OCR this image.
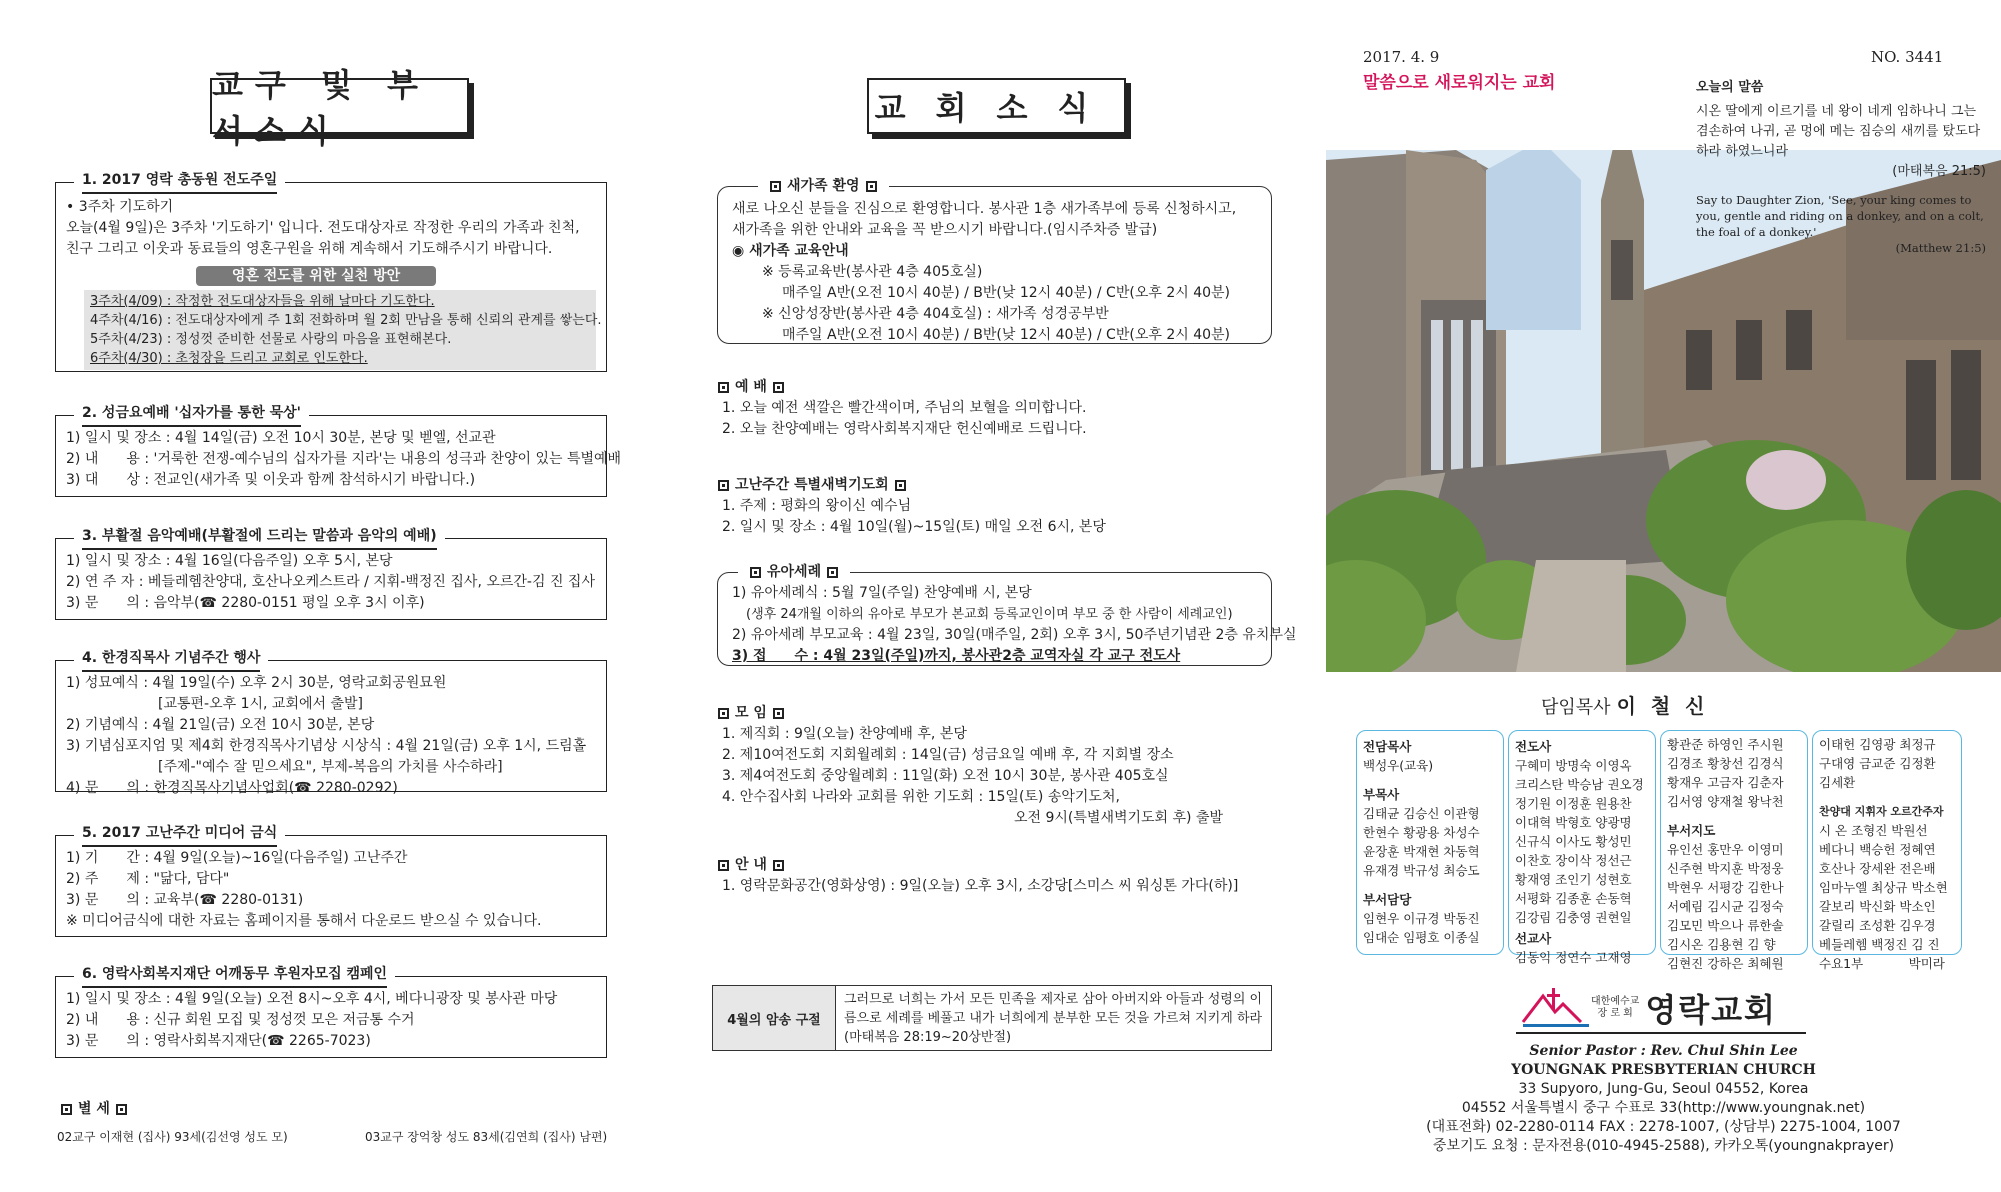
교구 및 부서소식
1. 2017 영락 총동원 전도주일
• 3주차 기도하기
오늘(4월 9일)은 3주차 '기도하기' 입니다. 전도대상자로 작정한 우리의 가족과 친척,
친구 그리고 이웃과 동료들의 영혼구원을 위해 계속해서 기도해주시기 바랍니다.
영혼 전도를 위한 실천 방안
3주차(4/09) : 작정한 전도대상자들을 위해 날마다 기도한다.
4주차(4/16) : 전도대상자에게 주 1회 전화하며 월 2회 만남을 통해 신뢰의 관계를 쌓는다.
5주차(4/23) : 정성껏 준비한 선물로 사랑의 마음을 표현해본다.
6주차(4/30) : 초청장을 드리고 교회로 인도한다.
2. 성금요예배 '십자가를 통한 묵상'
1) 일시 및 장소 : 4월 14일(금) 오전 10시 30분, 본당 및 벧엘, 선교관
2) 내　　용 : '거룩한 전쟁-예수님의 십자가를 지라'는 내용의 성극과 찬양이 있는 특별예배
3) 대　　상 : 전교인(새가족 및 이웃과 함께 참석하시기 바랍니다.)
3. 부활절 음악예배(부활절에 드리는 말씀과 음악의 예배)
1) 일시 및 장소 : 4월 16일(다음주일) 오후 5시, 본당
2) 연 주 자 : 베들레헴찬양대, 호산나오케스트라 / 지휘-백정진 집사, 오르간-김 진 집사
3) 문　　의 : 음악부(☎ 2280-0151 평일 오후 3시 이후)
4. 한경직목사 기념주간 행사
1) 성묘예식 : 4월 19일(수) 오후 2시 30분, 영락교회공원묘원
[교통편-오후 1시, 교회에서 출발]
2) 기념예식 : 4월 21일(금) 오전 10시 30분, 본당
3) 기념심포지엄 및 제4회 한경직목사기념상 시상식 : 4월 21일(금) 오후 1시, 드림홀
[주제-"예수 잘 믿으세요", 부제-복음의 가치를 사수하라]
4) 문　　의 : 한경직목사기념사업회(☎ 2280-0292)
5. 2017 고난주간 미디어 금식
1) 기　　간 : 4월 9일(오늘)~16일(다음주일) 고난주간
2) 주　　제 : "닮다, 담다"
3) 문　　의 : 교육부(☎ 2280-0131)
※ 미디어금식에 대한 자료는 홈페이지를 통해서 다운로드 받으실 수 있습니다.
6. 영락사회복지재단 어깨동무 후원자모집 캠페인
1) 일시 및 장소 : 4월 9일(오늘) 오전 8시~오후 4시, 베다니광장 및 봉사관 마당
2) 내　　용 : 신규 회원 모집 및 정성껏 모은 저금통 수거
3) 문　　의 : 영락사회복지재단(☎ 2265-7023)
별 세
02교구 이재현 (집사) 93세(김선영 성도 모)	03교구 장억창 성도 83세(김연희 (집사) 남편)
교회소식
새가족 환영
새로 나오신 분들을 진심으로 환영합니다. 봉사관 1층 새가족부에 등록 신청하시고,
새가족을 위한 안내와 교육을 꼭 받으시기 바랍니다.(임시주차증 발급)
◉ 새가족 교육안내
※ 등록교육반(봉사관 4층 405호실)
매주일 A반(오전 10시 40분) / B반(낮 12시 40분) / C반(오후 2시 40분)
※ 신앙성장반(봉사관 4층 404호실) : 새가족 성경공부반
매주일 A반(오전 10시 40분) / B반(낮 12시 40분) / C반(오후 2시 40분)
예 배
1. 오늘 예전 색깔은 빨간색이며, 주님의 보혈을 의미합니다.
2. 오늘 찬양예배는 영락사회복지재단 헌신예배로 드립니다.
고난주간 특별새벽기도회
1. 주제 : 평화의 왕이신 예수님
2. 일시 및 장소 : 4월 10일(월)~15일(토) 매일 오전 6시, 본당
유아세례
1) 유아세례식 : 5월 7일(주일) 찬양예배 시, 본당
(생후 24개월 이하의 유아로 부모가 본교회 등록교인이며 부모 중 한 사람이 세례교인)
2) 유아세례 부모교육 : 4월 23일, 30일(매주일, 2회) 오후 3시, 50주년기념관 2층 유치부실
3) 접　　수 : 4월 23일(주일)까지, 봉사관2층 교역자실 각 교구 전도사
모 임
1. 제직회 : 9일(오늘) 찬양예배 후, 본당
2. 제10여전도회 지회월례회 : 14일(금) 성금요일 예배 후, 각 지회별 장소
3. 제4여전도회 중앙월례회 : 11일(화) 오전 10시 30분, 봉사관 405호실
4. 안수집사회 나라와 교회를 위한 기도회 : 15일(토) 송악기도처,
오전 9시(특별새벽기도회 후) 출발
안 내
1. 영락문화공간(영화상영) : 9일(오늘) 오후 3시, 소강당[스미스 씨 워싱톤 가다(하)]
4월의 암송 구절
그러므로 너희는 가서 모든 민족을 제자로 삼아 아버지와 아들과 성령의 이름으로 세례를 베풀고 내가 너희에게 분부한 모든 것을 가르쳐 지키게 하라 (마태복음 28:19~20상반절)
2017. 4. 9
말씀으로 새로워지는 교회
NO. 3441
오늘의 말씀
시온 딸에게 이르기를 네 왕이 네게 임하나니 그는 겸손하여 나귀, 곧 멍에 메는 짐승의 새끼를 탔도다 하라 하였느니라
(마태복음 21:5)
Say to Daughter Zion, 'See, your king comes to you, gentle and riding on a donkey, and on a colt, the foal of a donkey.'
(Matthew 21:5)
담임목사 이 철 신
전담목사
백성우(교육)
부목사
김태균 김승신 이관형
한현수 황광용 차성수
윤장훈 박재현 차동혁
유재경 박규성 최승도
부서담당
임현우 이규경 박동진
임대순 임평호 이종실
전도사
구혜미 방명숙 이영옥
크리스탄 박승남 권오경
정기원 이정훈 원용찬
이대혁 박형호 양광명
신규식 이사도 황성민
이찬호 장이삭 정선근
황재영 조인기 성현호
서평화 김종훈 손동혁
김강림 김충영 권현일
선교사
김동익 정연수 고재영
황관준 하영인 주시원
김경조 황창선 김경식
황재우 고금자 김춘자
김서영 양재철 왕낙천
부서지도
유인선 홍만우 이영미
신주현 박지훈 박정웅
박현우 서평강 김한나
서예림 김시균 김정숙
김모민 박으나 류한솔
김시온 김용현 김 향
김현진 강하은 최혜원
이태헌 김영광 최정규
구대영 금교준 김정환
김세환
찬양대 지휘자 오르간주자
시 온 조형진 박원선
베다니 백승헌 정혜연
호산나 장세완 전은배
임마누엘 최상규 박소현
갈보리 박신화 박소인
갈릴리 조성환 김우경
베들레헴 백정진 김 진
수요1부 　　　 박미라
대한예수교
장 로 회 영락교회
Senior Pastor : Rev. Chul Shin Lee
YOUNGNAK PRESBYTERIAN CHURCH
33 Supyoro, Jung-Gu, Seoul 04552, Korea
04552 서울특별시 중구 수표로 33(http://www.youngnak.net)
(대표전화) 02-2280-0114 FAX : 2278-1007, (상담부) 2275-1004, 1007
중보기도 요청 : 문자전용(010-4945-2588), 카카오톡(youngnakprayer)
